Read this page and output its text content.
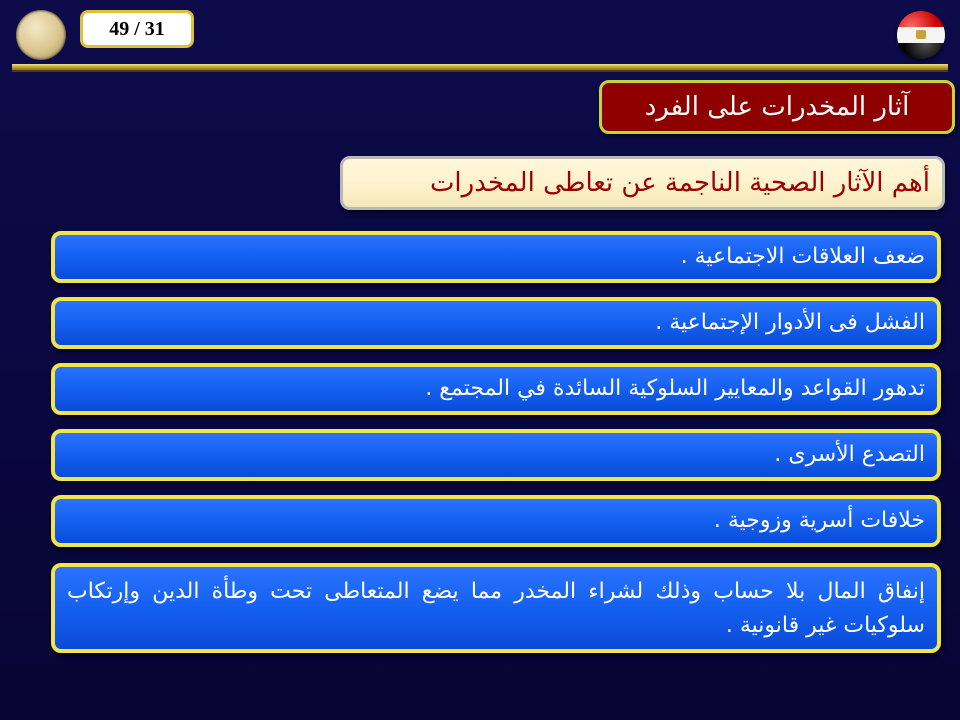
49 / 31
آثار المخدرات على الفرد
أهم الآثار الصحية الناجمة عن تعاطى المخدرات
ضعف العلاقات الاجتماعية .
الفشل فى الأدوار الإجتماعية .
تدهور القواعد والمعايير السلوكية السائدة في المجتمع .
التصدع الأسرى .
خلافات أسرية وزوجية .
إنفاق المال بلا حساب وذلك لشراء المخدر مما يضع المتعاطى تحت وطأة الدين وإرتكاب سلوكيات غير قانونية .
